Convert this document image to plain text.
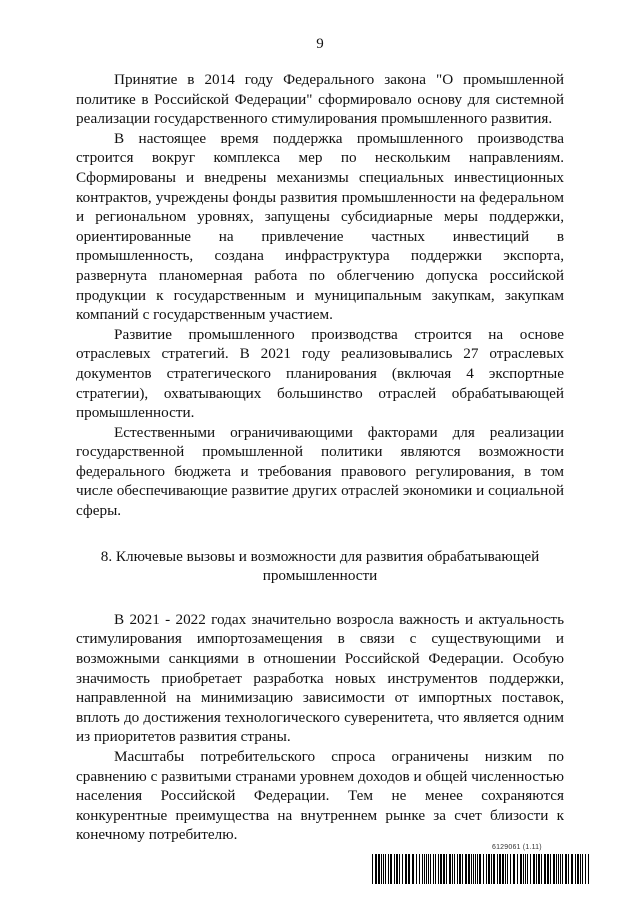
9

Принятие в 2014 году Федерального закона "О промышленной политике в Российской Федерации" сформировало основу для системной реализации государственного стимулирования промышленного развития.

В настоящее время поддержка промышленного производства строится вокруг комплекса мер по нескольким направлениям. Сформированы и внедрены механизмы специальных инвестиционных контрактов, учреждены фонды развития промышленности на федеральном и региональном уровнях, запущены субсидиарные меры поддержки, ориентированные на привлечение частных инвестиций в промышленность, создана инфраструктура поддержки экспорта, развернута планомерная работа по облегчению допуска российской продукции к государственным и муниципальным закупкам, закупкам компаний с государственным участием.

Развитие промышленного производства строится на основе отраслевых стратегий. В 2021 году реализовывались 27 отраслевых документов стратегического планирования (включая 4 экспортные стратегии), охватывающих большинство отраслей обрабатывающей промышленности.

Естественными ограничивающими факторами для реализации государственной промышленной политики являются возможности федерального бюджета и требования правового регулирования, в том числе обеспечивающие развитие других отраслей экономики и социальной сферы.

8. Ключевые вызовы и возможности для развития обрабатывающей
промышленности

В 2021 - 2022 годах значительно возросла важность и актуальность стимулирования импортозамещения в связи с существующими и возможными санкциями в отношении Российской Федерации. Особую значимость приобретает разработка новых инструментов поддержки, направленной на минимизацию зависимости от импортных поставок, вплоть до достижения технологического суверенитета, что является одним из приоритетов развития страны.

Масштабы потребительского спроса ограничены низким по сравнению с развитыми странами уровнем доходов и общей численностью населения Российской Федерации. Тем не менее сохраняются конкурентные преимущества на внутреннем рынке за счет близости к конечному потребителю.

6129061 (1.11)
